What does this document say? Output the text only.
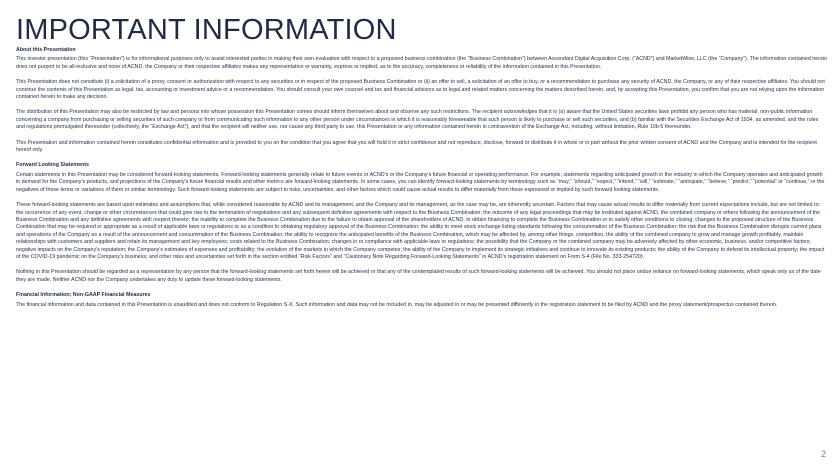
IMPORTANT INFORMATION
About this Presentation

This investor presentation (this “Presentation”) is for informational purposes only to assist interested parties in making their own evaluation with respect to a proposed business combination (the “Business Combination”) between Ascendant Digital Acquisition Corp. (“ACND”) and MarketWise, LLC (the “Company”). The information contained herein does not purport to be all-inclusive and none of ACND, the Company or their respective affiliates makes any representation or warranty, express or implied, as to the accuracy, completeness or reliability of the information contained in this Presentation.

This Presentation does not constitute (i) a solicitation of a proxy, consent or authorization with respect to any securities or in respect of the proposed Business Combination or (ii) an offer to sell, a solicitation of an offer to buy, or a recommendation to purchase any security of ACND, the Company, or any of their respective affiliates. You should not construe the contents of this Presentation as legal, tax, accounting or investment advice or a recommendation. You should consult your own counsel and tax and financial advisors as to legal and related matters concerning the matters described herein, and, by accepting this Presentation, you confirm that you are not relying upon the information contained herein to make any decision.

The distribution of this Presentation may also be restricted by law and persons into whose possession this Presentation comes should inform themselves about and observe any such restrictions. The recipient acknowledges that it is (a) aware that the United States securities laws prohibit any person who has material, non-public information concerning a company from purchasing or selling securities of such company or from communicating such information to any other person under circumstances in which it is reasonably foreseeable that such person is likely to purchase or sell such securities, and (b) familiar with the Securities Exchange Act of 1934, as amended, and the rules and regulations promulgated thereunder (collectively, the “Exchange Act”), and that the recipient will neither use, nor cause any third party to use, this Presentation or any information contained herein in contravention of the Exchange Act, including, without limitation, Rule 10b-5 thereunder.

This Presentation and information contained herein constitutes confidential information and is provided to you on the condition that you agree that you will hold it in strict confidence and not reproduce, disclose, forward or distribute it in whole or in part without the prior written consent of ACND and the Company and is intended for the recipient hereof only.

Forward Looking Statements

Certain statements in this Presentation may be considered forward-looking statements. Forward-looking statements generally relate to future events or ACND’s or the Company’s future financial or operating performance. For example, statements regarding anticipated growth in the industry in which the Company operates and anticipated growth in demand for the Company’s products, and projections of the Company’s future financial results and other metrics are forward-looking statements. In some cases, you can identify forward-looking statements by terminology such as “may,” “should,” “expect,” “intend,” “will,” “estimate,” “anticipate,” “believe,” “predict,” “potential” or “continue,” or the negatives of these terms or variations of them or similar terminology. Such forward-looking statements are subject to risks, uncertainties, and other factors which could cause actual results to differ materially from those expressed or implied by such forward looking statements.

These forward-looking statements are based upon estimates and assumptions that, while considered reasonable by ACND and its management, and the Company and its management, as the case may be, are inherently uncertain. Factors that may cause actual results to differ materially from current expectations include, but are not limited to: the occurrence of any event, change or other circumstances that could give rise to the termination of negotiations and any subsequent definitive agreements with respect to the Business Combination; the outcome of any legal proceedings that may be instituted against ACND, the combined company or others following the announcement of the Business Combination and any definitive agreements with respect thereto; the inability to complete the Business Combination due to the failure to obtain approval of the shareholders of ACND, to obtain financing to complete the Business Combination or to satisfy other conditions to closing; changes to the proposed structure of the Business Combination that may be required or appropriate as a result of applicable laws or regulations or as a condition to obtaining regulatory approval of the Business Combination; the ability to meet stock exchange listing standards following the consummation of the Business Combination; the risk that the Business Combination disrupts current plans and operations of the Company as a result of the announcement and consummation of the Business Combination; the ability to recognize the anticipated benefits of the Business Combination, which may be affected by, among other things, competition, the ability of the combined company to grow and manage growth profitably, maintain relationships with customers and suppliers and retain its management and key employees; costs related to the Business Combination; changes in or compliance with applicable laws or regulations; the possibility that the Company or the combined company may be adversely affected by other economic, business, and/or competitive factors; negative impacts on the Company’s reputation; the Company’s estimates of expenses and profitability; the evolution of the markets in which the Company competes; the ability of the Company to implement its strategic initiatives and continue to innovate its existing products; the ability of the Company to defend its intellectual property; the impact of the COVID-19 pandemic on the Company’s business; and other risks and uncertainties set forth in the section entitled “Risk Factors” and “Cautionary Note Regarding Forward-Looking Statements” in ACND’s registration statement on Form S-4 (File No. 333-254720).

Nothing in this Presentation should be regarded as a representation by any person that the forward-looking statements set forth herein will be achieved or that any of the contemplated results of such forward-looking statements will be achieved. You should not place undue reliance on forward-looking statements, which speak only as of the date they are made. Neither ACND nor the Company undertakes any duty to update these forward-looking statements.

Financial Information; Non-GAAP Financial Measures

The financial information and data contained in this Presentation is unaudited and does not conform to Regulation S-X. Such information and data may not be included in, may be adjusted in or may be presented differently in the registration statement to be filed by ACND and the proxy statement/prospectus contained therein.

2
